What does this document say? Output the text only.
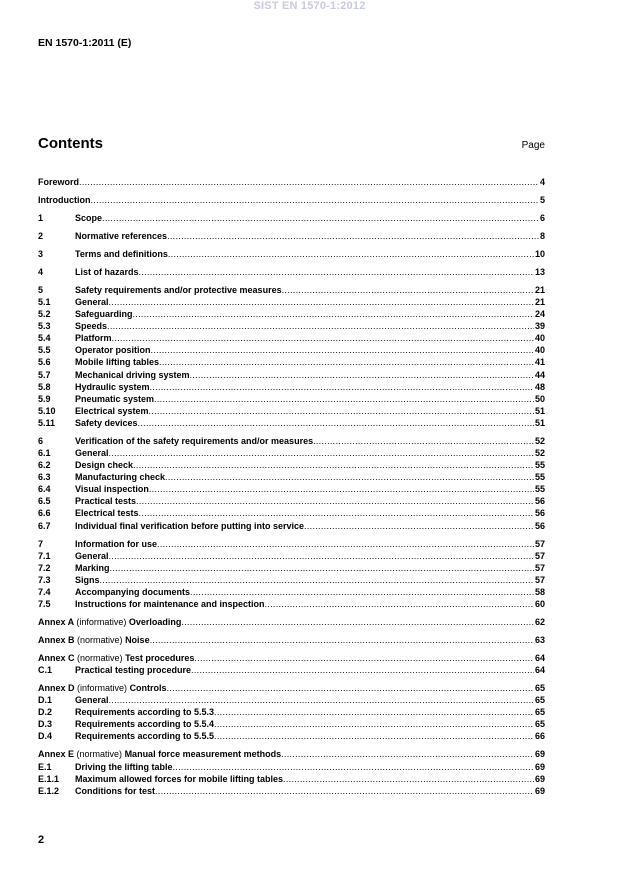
SIST EN 1570-1:2012
EN 1570-1:2011 (E)
Contents	Page
Foreword .....	4
Introduction .....	5
1	Scope .....	6
2	Normative references .....	8
3	Terms and definitions .....	10
4	List of hazards .....	13
5	Safety requirements and/or protective measures .....	21
5.1	General .....	21
5.2	Safeguarding .....	24
5.3	Speeds .....	39
5.4	Platform .....	40
5.5	Operator position .....	40
5.6	Mobile lifting tables .....	41
5.7	Mechanical driving system .....	44
5.8	Hydraulic system .....	48
5.9	Pneumatic system .....	50
5.10	Electrical system .....	51
5.11	Safety devices .....	51
6	Verification of the safety requirements and/or measures .....	52
6.1	General .....	52
6.2	Design check .....	55
6.3	Manufacturing check .....	55
6.4	Visual inspection .....	55
6.5	Practical tests .....	56
6.6	Electrical tests .....	56
6.7	Individual final verification before putting into service .....	56
7	Information for use .....	57
7.1	General .....	57
7.2	Marking .....	57
7.3	Signs .....	57
7.4	Accompanying documents .....	58
7.5	Instructions for maintenance and inspection .....	60
Annex A (informative) Overloading .....	62
Annex B (normative) Noise .....	63
Annex C (normative) Test procedures .....	64
C.1	Practical testing procedure .....	64
Annex D (informative) Controls .....	65
D.1	General .....	65
D.2	Requirements according to 5.5.3 .....	65
D.3	Requirements according to 5.5.4 .....	65
D.4	Requirements according to 5.5.5 .....	66
Annex E (normative) Manual force measurement methods .....	69
E.1	Driving the lifting table .....	69
E.1.1	Maximum allowed forces for mobile lifting tables .....	69
E.1.2	Conditions for test .....	69
2
